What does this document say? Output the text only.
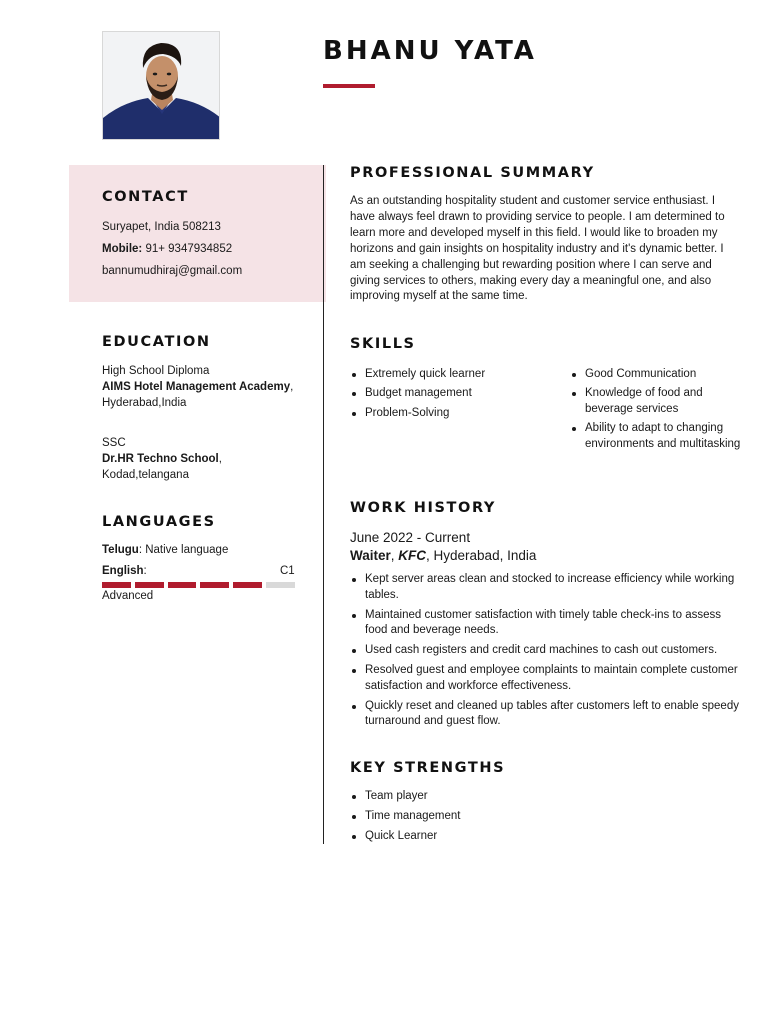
BHANU YATA
CONTACT
Suryapet, India 508213
Mobile: 91+ 9347934852
bannumudhiraj@gmail.com
EDUCATION
High School Diploma
AIMS Hotel Management Academy, Hyderabad,India
SSC
Dr.HR Techno School, Kodad,telangana
LANGUAGES
Telugu: Native language
English:	C1
Advanced
PROFESSIONAL SUMMARY
As an outstanding hospitality student and customer service enthusiast. I have always feel drawn to providing service to people. I am determined to learn more and developed myself in this field. I would like to broaden my horizons and gain insights on hospitality industry and it's dynamic better. I am seeking a challenging but rewarding position where I can serve and giving services to others, making every day a meaningful one, and also improving myself at the same time.
SKILLS
Extremely quick learner
Budget management
Problem-Solving
Good Communication
Knowledge of food and beverage services
Ability to adapt to changing environments and multitasking
WORK HISTORY
June 2022 - Current
Waiter, KFC, Hyderabad, India
Kept server areas clean and stocked to increase efficiency while working tables.
Maintained customer satisfaction with timely table check-ins to assess food and beverage needs.
Used cash registers and credit card machines to cash out customers.
Resolved guest and employee complaints to maintain complete customer satisfaction and workforce effectiveness.
Quickly reset and cleaned up tables after customers left to enable speedy turnaround and guest flow.
KEY STRENGTHS
Team player
Time management
Quick Learner
